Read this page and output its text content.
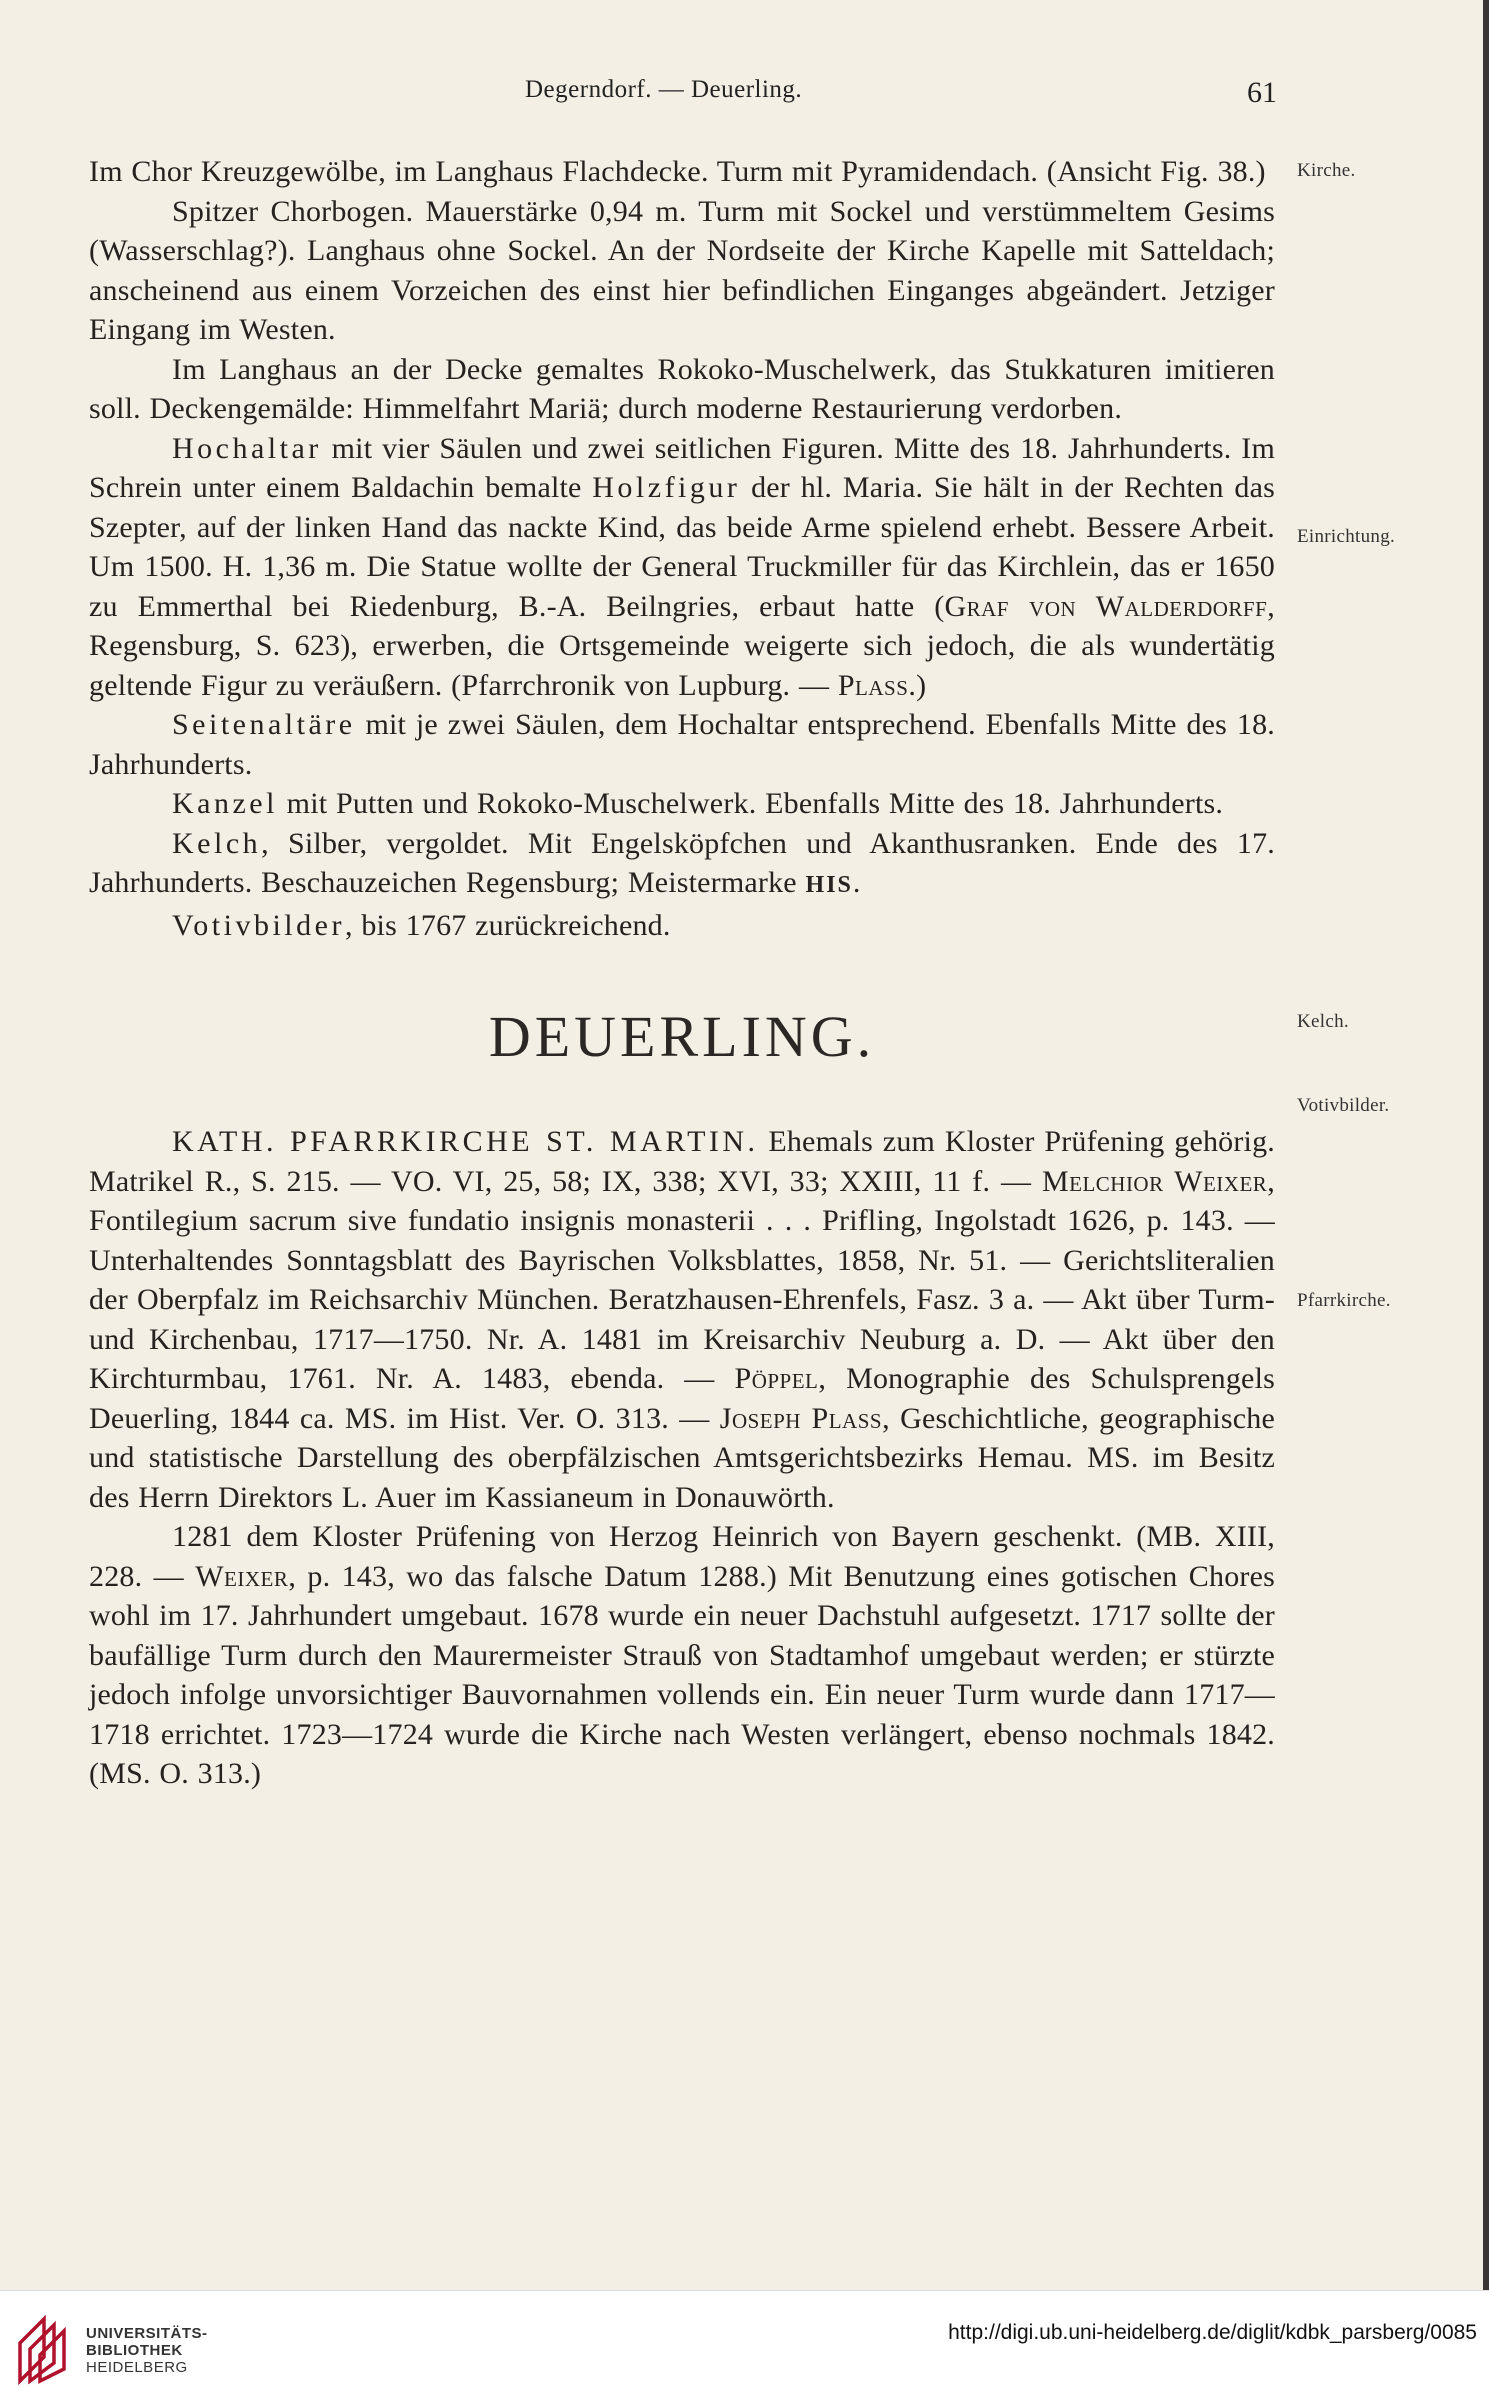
Degerndorf. — Deuerling.	61
Kirche.
Einrichtung.
Kelch.
Votivbilder.
Pfarrkirche.

Im Chor Kreuzgewölbe, im Langhaus Flachdecke. Turm mit Pyramidendach. (Ansicht Fig. 38.)

Spitzer Chorbogen. Mauerstärke 0,94 m. Turm mit Sockel und verstümmeltem Gesims (Wasserschlag?). Langhaus ohne Sockel. An der Nordseite der Kirche Kapelle mit Satteldach; anscheinend aus einem Vorzeichen des einst hier befindlichen Einganges abgeändert. Jetziger Eingang im Westen.

Im Langhaus an der Decke gemaltes Rokoko-Muschelwerk, das Stukkaturen imitieren soll. Deckengemälde: Himmelfahrt Mariä; durch moderne Restaurierung verdorben.

Hochaltar mit vier Säulen und zwei seitlichen Figuren. Mitte des 18. Jahrhunderts. Im Schrein unter einem Baldachin bemalte Holzfigur der hl. Maria. Sie hält in der Rechten das Szepter, auf der linken Hand das nackte Kind, das beide Arme spielend erhebt. Bessere Arbeit. Um 1500. H. 1,36 m. Die Statue wollte der General Truckmiller für das Kirchlein, das er 1650 zu Emmerthal bei Riedenburg, B.-A. Beilngries, erbaut hatte (Graf von Walderdorff, Regensburg, S. 623), erwerben, die Ortsgemeinde weigerte sich jedoch, die als wundertätig geltende Figur zu veräußern. (Pfarrchronik von Lupburg. — Plass.)

Seitenaltäre mit je zwei Säulen, dem Hochaltar entsprechend. Ebenfalls Mitte des 18. Jahrhunderts.

Kanzel mit Putten und Rokoko-Muschelwerk. Ebenfalls Mitte des 18. Jahrhunderts.

Kelch, Silber, vergoldet. Mit Engelsköpfchen und Akanthusranken. Ende des 17. Jahrhunderts. Beschauzeichen Regensburg; Meistermarke HIS.

Votivbilder, bis 1767 zurückreichend.

DEUERLING.

KATH. PFARRKIRCHE ST. MARTIN. Ehemals zum Kloster Prüfening gehörig. Matrikel R., S. 215. — VO. VI, 25, 58; IX, 338; XVI, 33; XXIII, 11 f. — Melchior Weixer, Fontilegium sacrum sive fundatio insignis monasterii . . . Prifling, Ingolstadt 1626, p. 143. — Unterhaltendes Sonntagsblatt des Bayrischen Volksblattes, 1858, Nr. 51. — Gerichtsliteralien der Oberpfalz im Reichsarchiv München. Beratzhausen-Ehrenfels, Fasz. 3 a. — Akt über Turm- und Kirchenbau, 1717—1750. Nr. A. 1481 im Kreisarchiv Neuburg a. D. — Akt über den Kirchturmbau, 1761. Nr. A. 1483, ebenda. — Pöppel, Monographie des Schulsprengels Deuerling, 1844 ca. MS. im Hist. Ver. O. 313. — Joseph Plass, Geschichtliche, geographische und statistische Darstellung des oberpfälzischen Amtsgerichtsbezirks Hemau. MS. im Besitz des Herrn Direktors L. Auer im Kassianeum in Donauwörth.

1281 dem Kloster Prüfening von Herzog Heinrich von Bayern geschenkt. (MB. XIII, 228. — Weixer, p. 143, wo das falsche Datum 1288.) Mit Benutzung eines gotischen Chores wohl im 17. Jahrhundert umgebaut. 1678 wurde ein neuer Dachstuhl aufgesetzt. 1717 sollte der baufällige Turm durch den Maurermeister Strauß von Stadtamhof umgebaut werden; er stürzte jedoch infolge unvorsichtiger Bauvornahmen vollends ein. Ein neuer Turm wurde dann 1717—1718 errichtet. 1723—1724 wurde die Kirche nach Westen verlängert, ebenso nochmals 1842. (MS. O. 313.)

UNIVERSITÄTS-
BIBLIOTHEK
HEIDELBERG
http://digi.ub.uni-heidelberg.de/diglit/kdbk_parsberg/0085
